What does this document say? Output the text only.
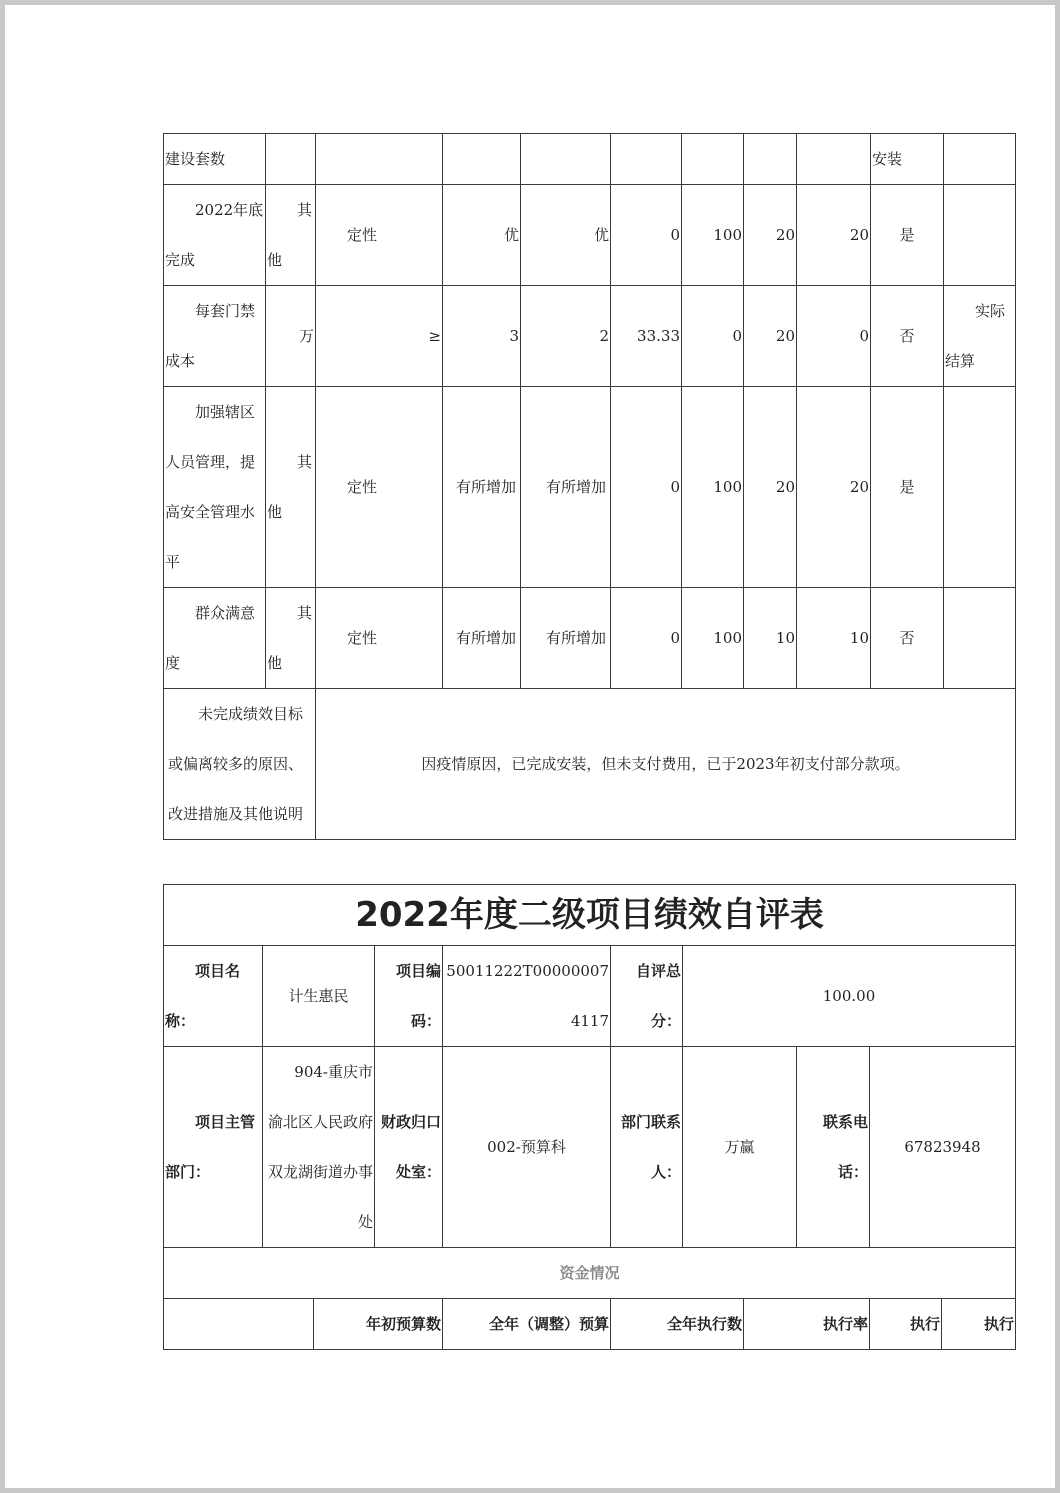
建设套数									安装		
2022年底完成	其他	定性	优	优	0	100	20	20	是		
每套门禁成本	万	≥	3	2	33.33	0	20	0	否	实际结算	
加强辖区人员管理，提高安全管理水平	其他	定性	有所增加	有所增加	0	100	20	20	是		
群众满意度	其他	定性	有所增加	有所增加	0	100	10	10	否		
未完成绩效目标或偏离较多的原因、改进措施及其他说明		因疫情原因，已完成安装，但未支付费用，已于2023年初支付部分款项。									
2022年度二级项目绩效自评表										
项目名称：	计生惠民		项目编码：	50011222T000000074117	自评总分：	100.00				
项目主管部门：	904-重庆市渝北区人民政府双龙湖街道办事处		财政归口处室：	002-预算科	部门联系人：	万赢		联系电话：	67823948	
资金情况										
		年初预算数		全年（调整）预算	全年执行数		执行率		执行	执行
